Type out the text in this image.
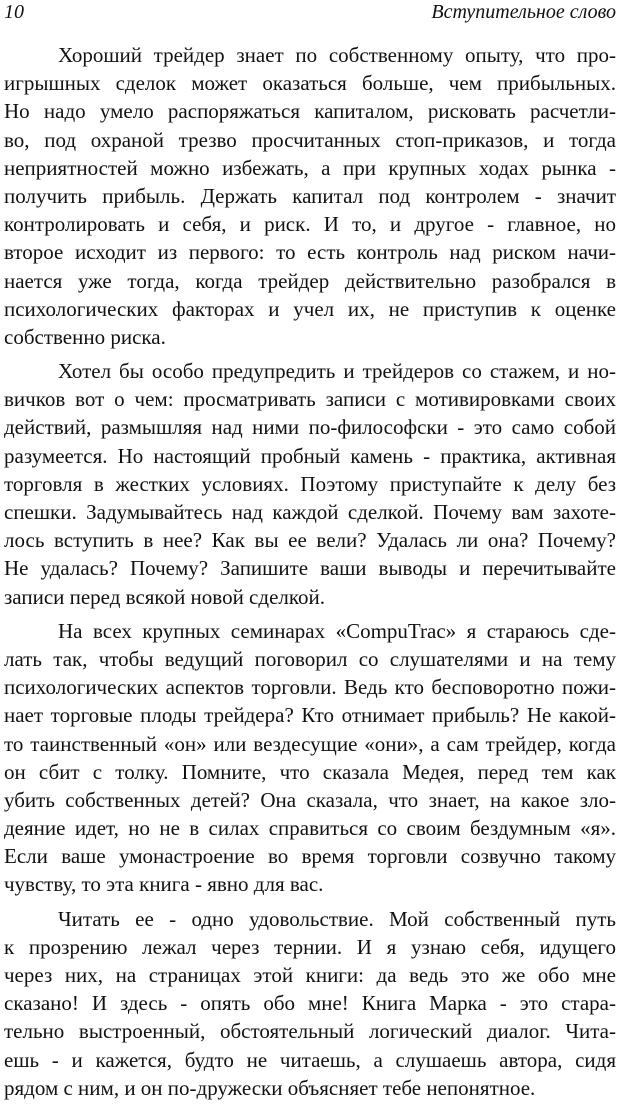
10	Вступительное слово
Хороший трейдер знает по собственному опыту, что про-
игрышных сделок может оказаться больше, чем прибыльных.
Но надо умело распоряжаться капиталом, рисковать расчетли-
во, под охраной трезво просчитанных стоп-приказов, и тогда
неприятностей можно избежать, а при крупных ходах рынка -
получить прибыль. Держать капитал под контролем - значит
контролировать и себя, и риск. И то, и другое - главное, но
второе исходит из первого: то есть контроль над риском начи-
нается уже тогда, когда трейдер действительно разобрался в
психологических факторах и учел их, не приступив к оценке
собственно риска.
Хотел бы особо предупредить и трейдеров со стажем, и но-
вичков вот о чем: просматривать записи с мотивировками своих
действий, размышляя над ними по-философски - это само собой
разумеется. Но настоящий пробный камень - практика, активная
торговля в жестких условиях. Поэтому приступайте к делу без
спешки. Задумывайтесь над каждой сделкой. Почему вам захоте-
лось вступить в нее? Как вы ее вели? Удалась ли она? Почему?
Не удалась? Почему? Запишите ваши выводы и перечитывайте
записи перед всякой новой сделкой.
На всех крупных семинарах «CompuTrac» я стараюсь сде-
лать так, чтобы ведущий поговорил со слушателями и на тему
психологических аспектов торговли. Ведь кто бесповоротно пожи-
нает торговые плоды трейдера? Кто отнимает прибыль? Не какой-
то таинственный «он» или вездесущие «они», а сам трейдер, когда
он сбит с толку. Помните, что сказала Медея, перед тем как
убить собственных детей? Она сказала, что знает, на какое зло-
деяние идет, но не в силах справиться со своим бездумным «я».
Если ваше умонастроение во время торговли созвучно такому
чувству, то эта книга - явно для вас.
Читать ее - одно удовольствие. Мой собственный путь
к прозрению лежал через тернии. И я узнаю себя, идущего
через них, на страницах этой книги: да ведь это же обо мне
сказано! И здесь - опять обо мне! Книга Марка - это стара-
тельно выстроенный, обстоятельный логический диалог. Чита-
ешь - и кажется, будто не читаешь, а слушаешь автора, сидя
рядом с ним, и он по-дружески объясняет тебе непонятное.
